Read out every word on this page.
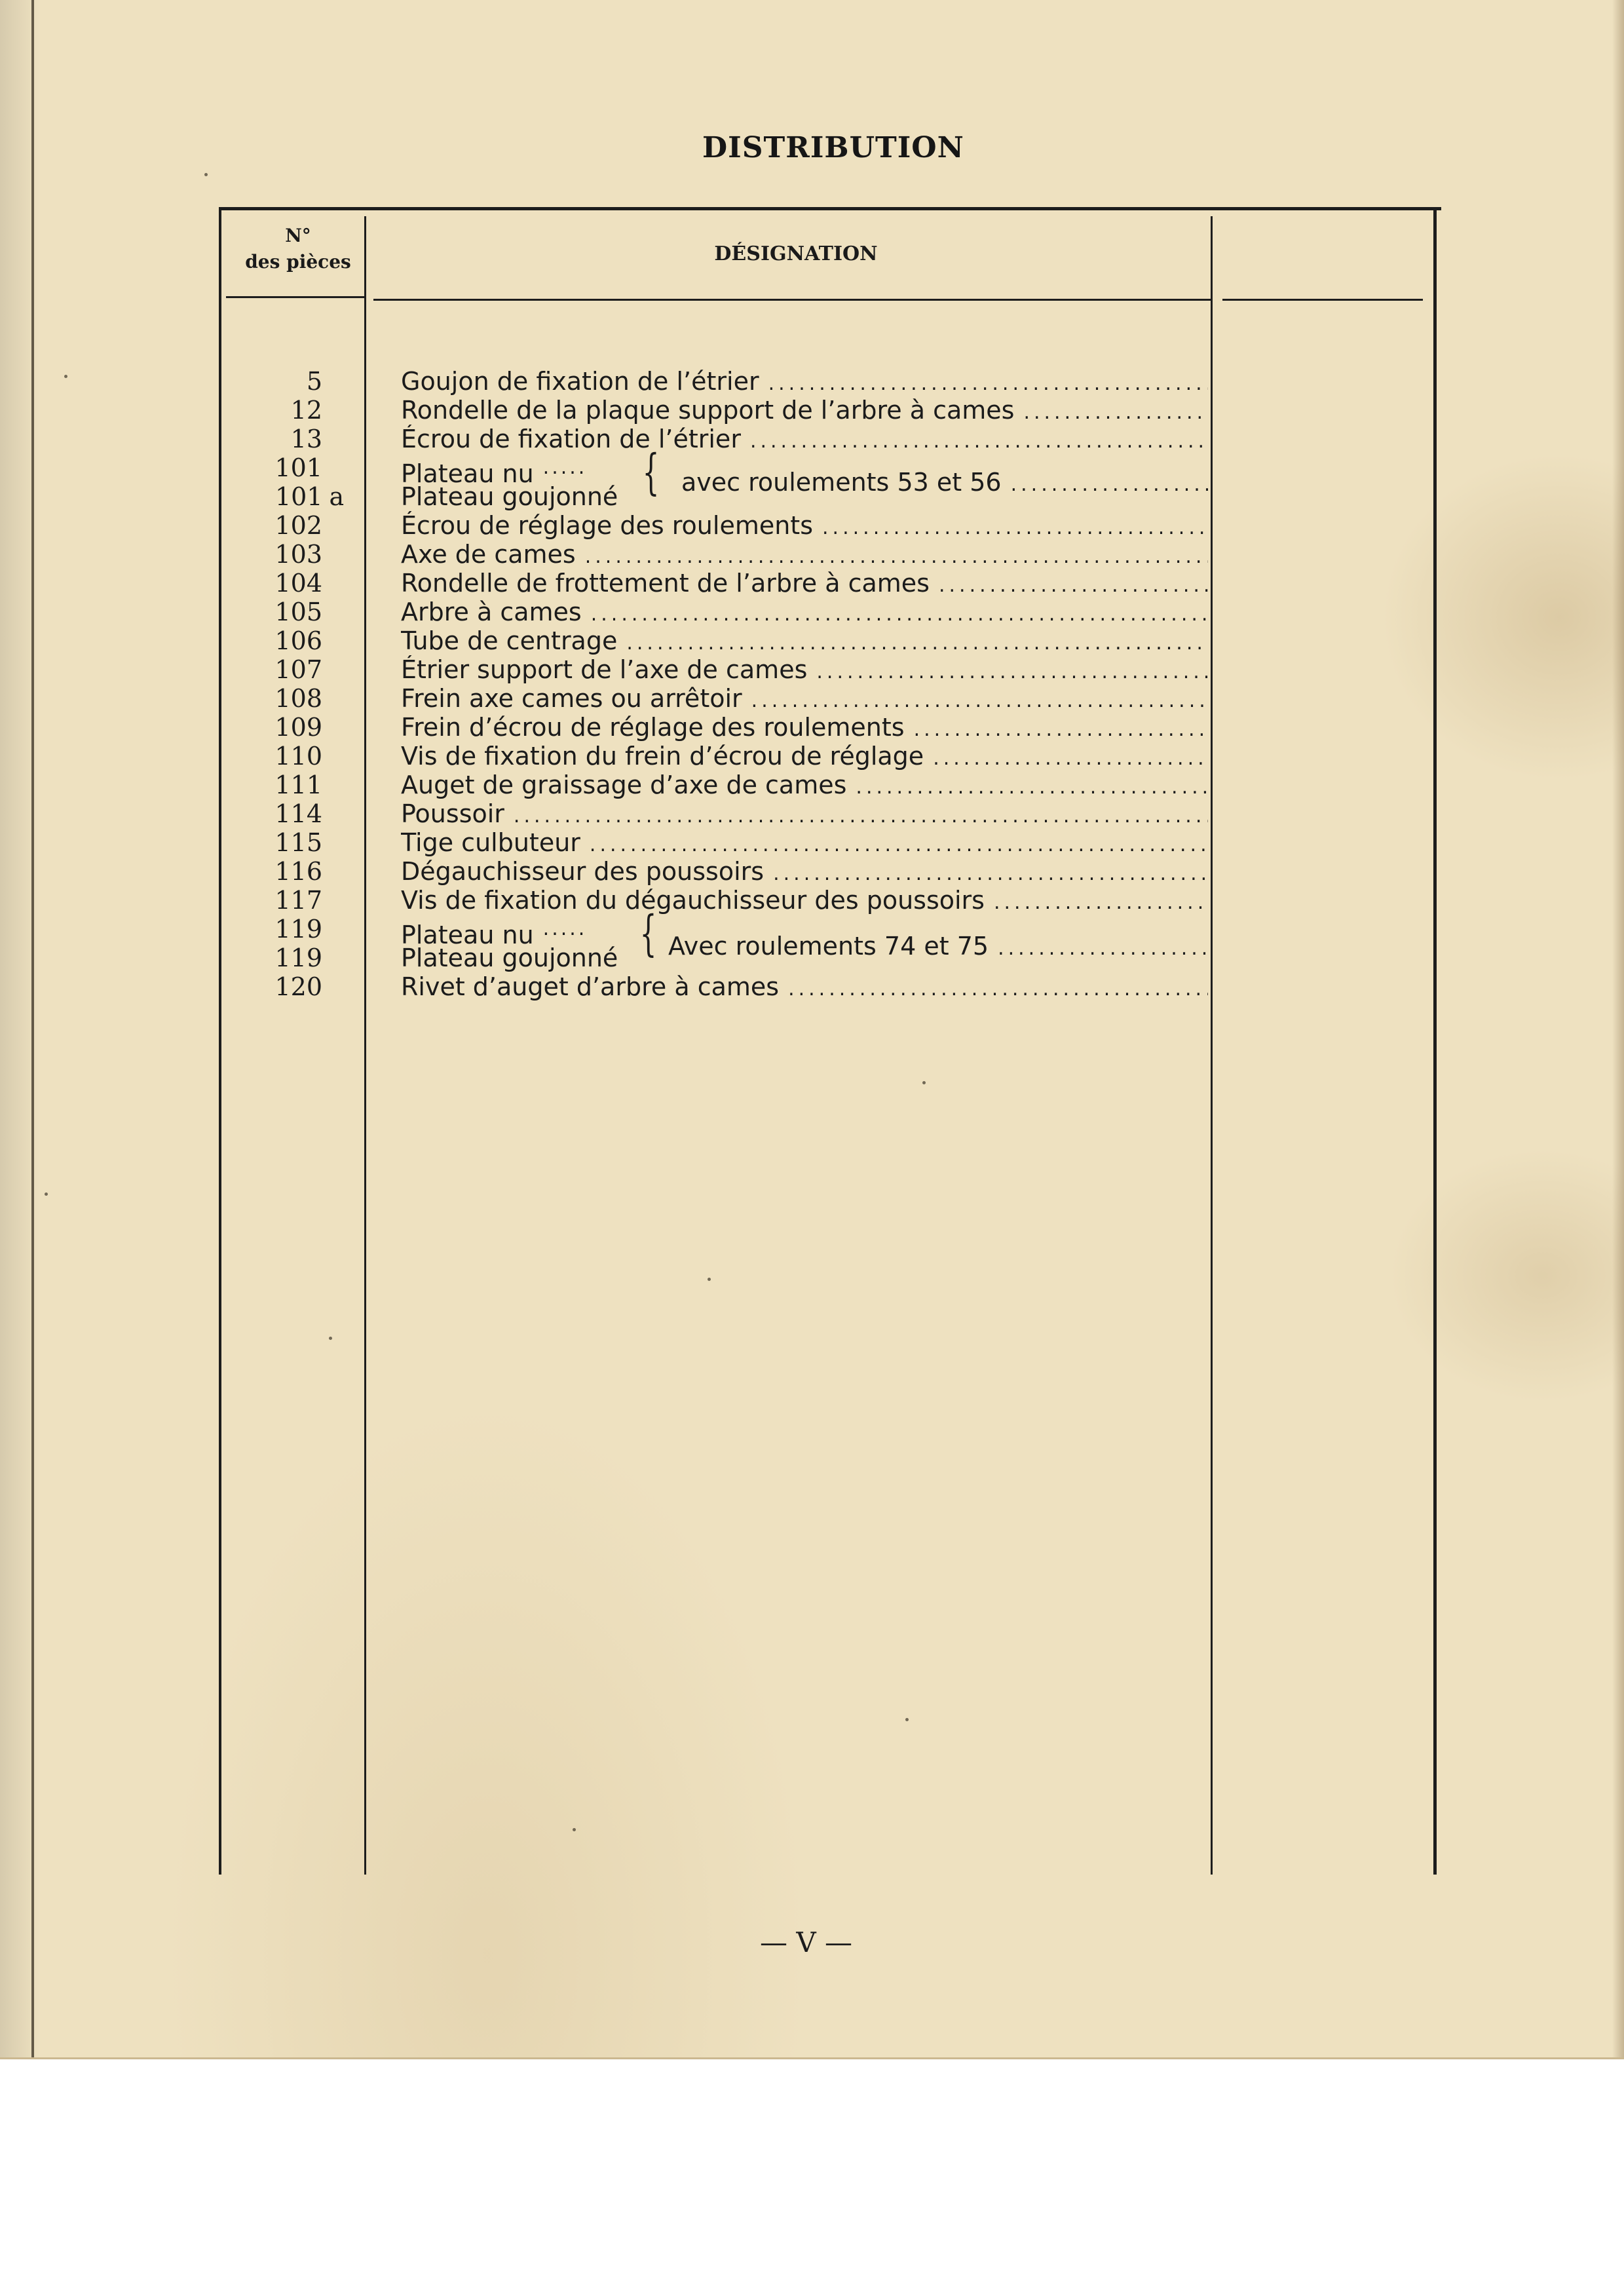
DISTRIBUTION
N°
des pièces	DÉSIGNATION
5
12
13
101
101 a
102
103
104
105
106
107
108
109
110
111
114
115
116
117
119
119
120
Goujon de fixation de l’étrier
.....
Rondelle de la plaque support de l’arbre à cames
.....
Écrou de fixation de l’étrier
.....
Plateau nu.....
Plateau goujonné { avec roulements 53 et 56
.....
Écrou de réglage des roulements
.....
Axe de cames
.....
Rondelle de frottement de l’arbre à cames
.....
Arbre à cames
.....
Tube de centrage
.....
Étrier support de l’axe de cames
.....
Frein axe cames ou arrêtoir
.....
Frein d’écrou de réglage des roulements
.....
Vis de fixation du frein d’écrou de réglage
.....
Auget de graissage d’axe de cames
.....
Poussoir
.....
Tige culbuteur
.....
Dégauchisseur des poussoirs
.....
Vis de fixation du dégauchisseur des poussoirs
.....
Plateau nu.....
Plateau goujonné { Avec roulements 74 et 75
.....
Rivet d’auget d’arbre à cames
.....
— V —
